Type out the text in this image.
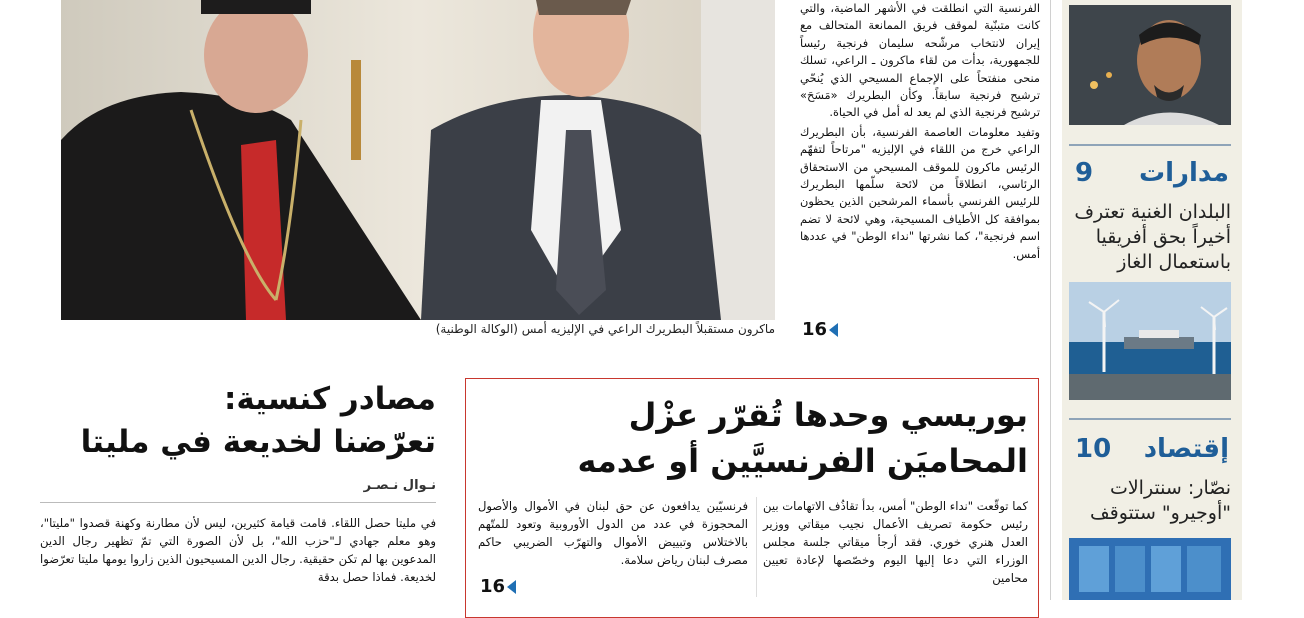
ماكرون مستقبلاً البطريرك الراعي في الإليزيه أمس (الوكالة الوطنية)

الفرنسية التي انطلقت في الأشهر الماضية، والتي كانت متبنّية لموقف فريق الممانعة المتحالف مع إيران لانتخاب مرشّحه سليمان فرنجية رئيساً للجمهورية، بدأت من لقاء ماكرون ـ الراعي، تسلك منحى منفتحاً على الإجماع المسيحي الذي يُنحّي ترشيح فرنجية سابقاً. وكأن البطريرك «مَسَحَ» ترشيح فرنجية الذي لم يعد له أمل في الحياة.

وتفيد معلومات العاصمة الفرنسية، بأن البطريرك الراعي خرج من اللقاء في الإليزيه "مرتاحاً لتفهّم الرئيس ماكرون للموقف المسيحي من الاستحقاق الرئاسي، انطلاقاً من لائحة سلّمها البطريرك للرئيس الفرنسي بأسماء المرشحين الذين يحظون بموافقة كل الأطياف المسيحية، وهي لائحة لا تضم اسم فرنجية"، كما نشرتها "نداء الوطن" في عددها أمس.

16
مدارات
9
البلدان الغنية تعترف أخيراً بحق أفريقيا باستعمال الغاز
إقتصاد
10
نصّار: سنترالات "أوجيرو" ستتوقف
مصادر كنسية:
تعرّضنا لخديعة في مليتا
نـوال نـصـر
في مليتا حصل اللقاء. قامت قيامة كثيرين، ليس لأن مطارنة وكهنة قصدوا "مليتا"، وهو معلم جهادي لـ"حزب الله"، بل لأن الصورة التي تمّ تظهير رجال الدين المدعوين بها لم تكن حقيقية. رجال الدين المسيحيون الذين زاروا يومها مليتا تعرّضوا لخديعة. فماذا حصل بدقة
بوريسي وحدها تُقرّر عزْل
المحاميَن الفرنسيَّين أو عدمه
كما توقّعت "نداء الوطن" أمس، بدأ تقاذُف الاتهامات بين رئيس حكومة تصريف الأعمال نجيب ميقاتي ووزير العدل هنري خوري. فقد أرجأ ميقاتي جلسة مجلس الوزراء التي دعا إليها اليوم وخصّصها لإعادة تعيين محامين
فرنسيّين يدافعون عن حق لبنان في الأموال والأصول المحجوزة في عدد من الدول الأوروبية وتعود للمتّهم بالاختلاس وتبييض الأموال والتهرّب الضريبي حاكم مصرف لبنان رياض سلامة.
16
